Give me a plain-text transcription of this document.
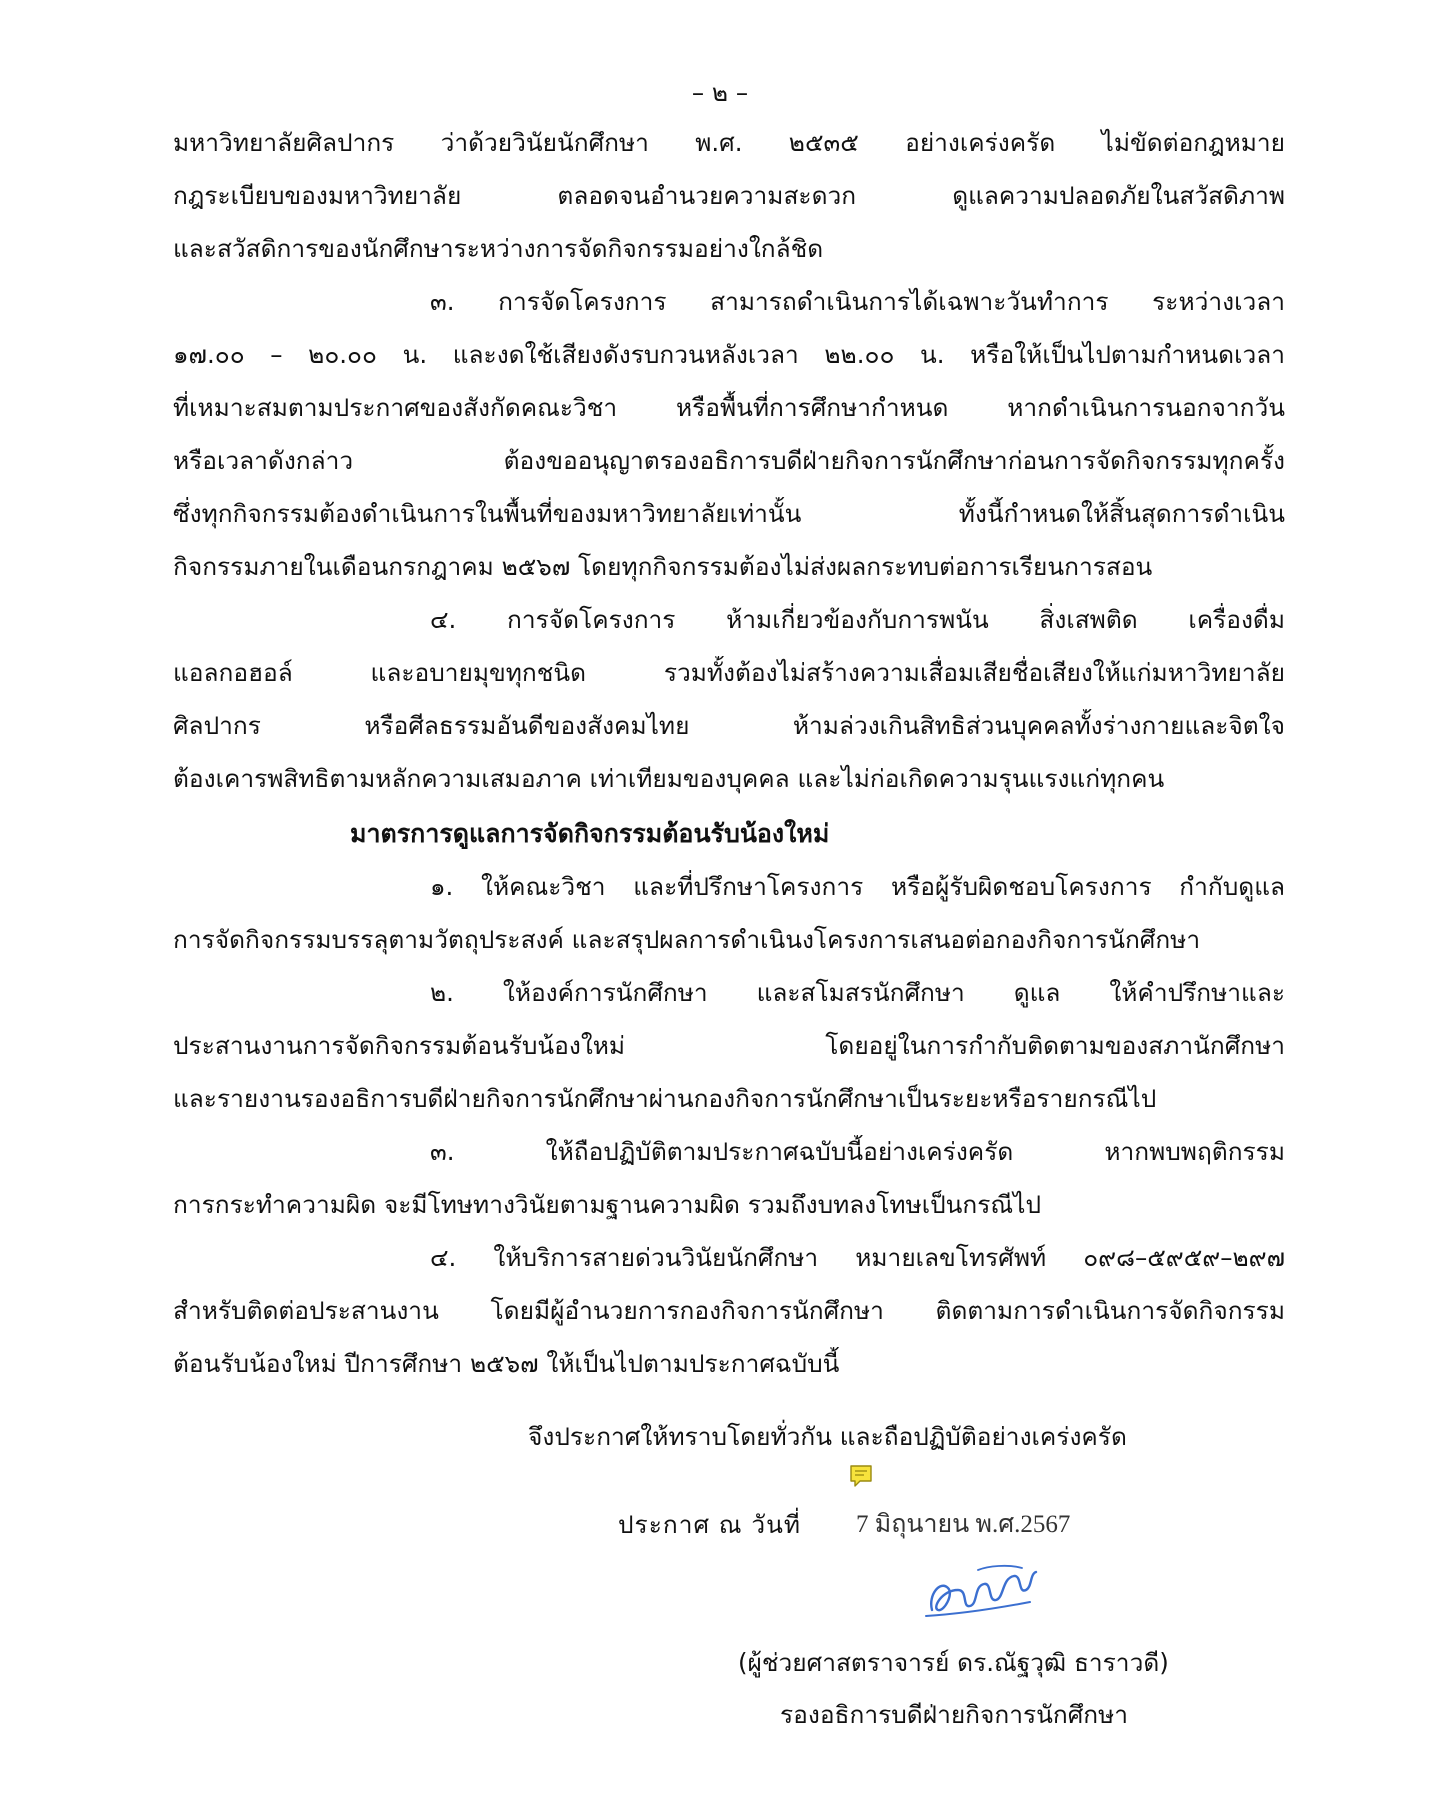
– ๒ –
มหาวิทยาลัยศิลปากร ว่าด้วยวินัยนักศึกษา พ.ศ. ๒๕๓๕ อย่างเคร่งครัด ไม่ขัดต่อกฎหมาย
กฎระเบียบของมหาวิทยาลัย ตลอดจนอำนวยความสะดวก ดูแลความปลอดภัยในสวัสดิภาพ
และสวัสดิการของนักศึกษาระหว่างการจัดกิจกรรมอย่างใกล้ชิด
๓. การจัดโครงการ สามารถดำเนินการได้เฉพาะวันทำการ ระหว่างเวลา
๑๗.๐๐ – ๒๐.๐๐ น. และงดใช้เสียงดังรบกวนหลังเวลา ๒๒.๐๐ น. หรือให้เป็นไปตามกำหนดเวลา
ที่เหมาะสมตามประกาศของสังกัดคณะวิชา หรือพื้นที่การศึกษากำหนด หากดำเนินการนอกจากวัน
หรือเวลาดังกล่าว ต้องขออนุญาตรองอธิการบดีฝ่ายกิจการนักศึกษาก่อนการจัดกิจกรรมทุกครั้ง
ซึ่งทุกกิจกรรมต้องดำเนินการในพื้นที่ของมหาวิทยาลัยเท่านั้น ทั้งนี้กำหนดให้สิ้นสุดการดำเนิน
กิจกรรมภายในเดือนกรกฎาคม ๒๕๖๗ โดยทุกกิจกรรมต้องไม่ส่งผลกระทบต่อการเรียนการสอน
๔. การจัดโครงการ ห้ามเกี่ยวข้องกับการพนัน สิ่งเสพติด เครื่องดื่ม
แอลกอฮอล์ และอบายมุขทุกชนิด รวมทั้งต้องไม่สร้างความเสื่อมเสียชื่อเสียงให้แก่มหาวิทยาลัย
ศิลปากร หรือศีลธรรมอันดีของสังคมไทย ห้ามล่วงเกินสิทธิส่วนบุคคลทั้งร่างกายและจิตใจ
ต้องเคารพสิทธิตามหลักความเสมอภาค เท่าเทียมของบุคคล และไม่ก่อเกิดความรุนแรงแก่ทุกคน
มาตรการดูแลการจัดกิจกรรมต้อนรับน้องใหม่
๑. ให้คณะวิชา และที่ปรึกษาโครงการ หรือผู้รับผิดชอบโครงการ กำกับดูแล
การจัดกิจกรรมบรรลุตามวัตถุประสงค์ และสรุปผลการดำเนินงโครงการเสนอต่อกองกิจการนักศึกษา
๒. ให้องค์การนักศึกษา และสโมสรนักศึกษา ดูแล ให้คำปรึกษาและ
ประสานงานการจัดกิจกรรมต้อนรับน้องใหม่ โดยอยู่ในการกำกับติดตามของสภานักศึกษา
และรายงานรองอธิการบดีฝ่ายกิจการนักศึกษาผ่านกองกิจการนักศึกษาเป็นระยะหรือรายกรณีไป
๓. ให้ถือปฏิบัติตามประกาศฉบับนี้อย่างเคร่งครัด หากพบพฤติกรรม
การกระทำความผิด จะมีโทษทางวินัยตามฐานความผิด รวมถึงบทลงโทษเป็นกรณีไป
๔. ให้บริการสายด่วนวินัยนักศึกษา หมายเลขโทรศัพท์ ๐๙๘–๕๙๕๙–๒๙๗
สำหรับติดต่อประสานงาน โดยมีผู้อำนวยการกองกิจการนักศึกษา ติดตามการดำเนินการจัดกิจกรรม
ต้อนรับน้องใหม่ ปีการศึกษา ๒๕๖๗ ให้เป็นไปตามประกาศฉบับนี้
จึงประกาศให้ทราบโดยทั่วกัน และถือปฏิบัติอย่างเคร่งครัด
ประกาศ ณ วันที่ 7 มิถุนายน พ.ศ.2567
(ผู้ช่วยศาสตราจารย์ ดร.ณัฐวุฒิ ธาราวดี)
รองอธิการบดีฝ่ายกิจการนักศึกษา
